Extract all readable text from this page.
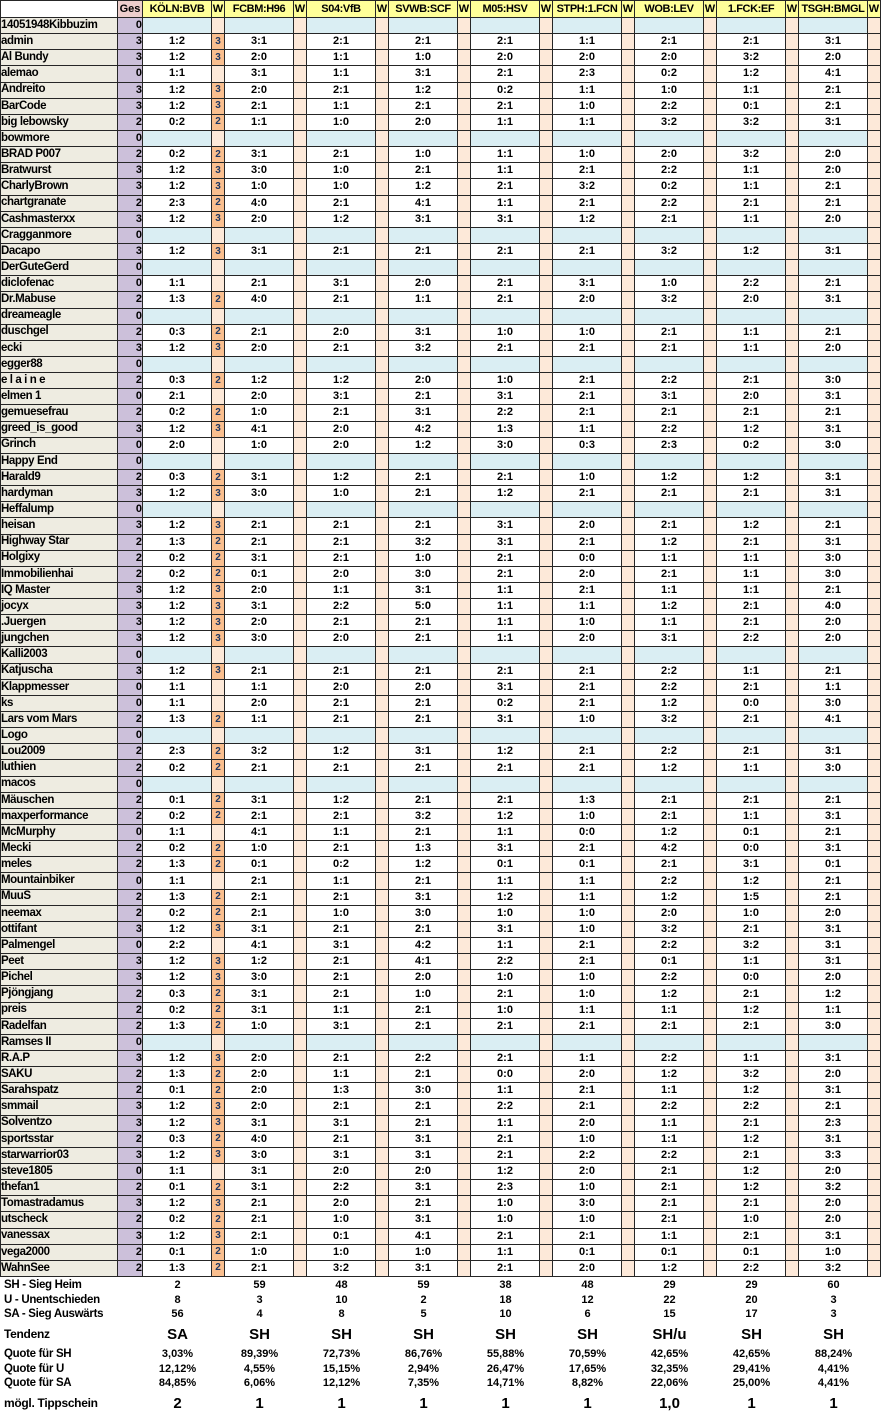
	Ges	KÖLN:BVB	W	FCBM:H96	W	S04:VfB	W	SVWB:SCF	W	M05:HSV	W	STPH:1.FCN	W	WOB:LEV	W	1.FCK:EF	W	TSGH:BMGL	W
14051948Kibbuzim	0																		
admin	3	1:2	3	3:1		2:1		2:1		2:1		1:1		2:1		2:1		3:1	
Al Bundy	3	1:2	3	2:0		1:1		1:0		2:0		2:0		2:0		3:2		2:0	
alemao	0	1:1		3:1		1:1		3:1		2:1		2:3		0:2		1:2		4:1	
Andreito	3	1:2	3	2:0		2:1		1:2		0:2		1:1		1:0		1:1		2:1	
BarCode	3	1:2	3	2:1		1:1		2:1		2:1		1:0		2:2		0:1		2:1	
big lebowsky	2	0:2	2	1:1		1:0		2:0		1:1		1:1		3:2		3:2		3:1	
bowmore	0																		
BRAD P007	2	0:2	2	3:1		2:1		1:0		1:1		1:0		2:0		3:2		2:0	
Bratwurst	3	1:2	3	3:0		1:0		2:1		1:1		2:1		2:2		1:1		2:0	
CharlyBrown	3	1:2	3	1:0		1:0		1:2		2:1		3:2		0:2		1:1		2:1	
chartgranate	2	2:3	2	4:0		2:1		4:1		1:1		2:1		2:2		2:1		2:1	
Cashmasterxx	3	1:2	3	2:0		1:2		3:1		3:1		1:2		2:1		1:1		2:0	
Cragganmore	0																		
Dacapo	3	1:2	3	3:1		2:1		2:1		2:1		2:1		3:2		1:2		3:1	
DerGuteGerd	0																		
diclofenac	0	1:1		2:1		3:1		2:0		2:1		3:1		1:0		2:2		2:1	
Dr.Mabuse	2	1:3	2	4:0		2:1		1:1		2:1		2:0		3:2		2:0		3:1	
dreameagle	0																		
duschgel	2	0:3	2	2:1		2:0		3:1		1:0		1:0		2:1		1:1		2:1	
ecki	3	1:2	3	2:0		2:1		3:2		2:1		2:1		2:1		1:1		2:0	
egger88	0																		
e l a i n e	2	0:3	2	1:2		1:2		2:0		1:0		2:1		2:2		2:1		3:0	
elmen 1	0	2:1		2:0		3:1		2:1		3:1		2:1		3:1		2:0		3:1	
gemuesefrau	2	0:2	2	1:0		2:1		3:1		2:2		2:1		2:1		2:1		2:1	
greed_is_good	3	1:2	3	4:1		2:0		4:2		1:3		1:1		2:2		1:2		3:1	
Grinch	0	2:0		1:0		2:0		1:2		3:0		0:3		2:3		0:2		3:0	
Happy End	0																		
Harald9	2	0:3	2	3:1		1:2		2:1		2:1		1:0		1:2		1:2		3:1	
hardyman	3	1:2	3	3:0		1:0		2:1		1:2		2:1		2:1		2:1		3:1	
Heffalump	0																		
heisan	3	1:2	3	2:1		2:1		2:1		3:1		2:0		2:1		1:2		2:1	
Highway Star	2	1:3	2	2:1		2:1		3:2		3:1		2:1		1:2		2:1		3:1	
Holgixy	2	0:2	2	3:1		2:1		1:0		2:1		0:0		1:1		1:1		3:0	
Immobilienhai	2	0:2	2	0:1		2:0		3:0		2:1		2:0		2:1		1:1		3:0	
IQ Master	3	1:2	3	2:0		1:1		3:1		1:1		2:1		1:1		1:1		2:1	
jocyx	3	1:2	3	3:1		2:2		5:0		1:1		1:1		1:2		2:1		4:0	
.Juergen	3	1:2	3	2:0		2:1		2:1		1:1		1:0		1:1		2:1		2:0	
jungchen	3	1:2	3	3:0		2:0		2:1		1:1		2:0		3:1		2:2		2:0	
Kalli2003	0																		
Katjuscha	3	1:2	3	2:1		2:1		2:1		2:1		2:1		2:2		1:1		2:1	
Klappmesser	0	1:1		1:1		2:0		2:0		3:1		2:1		2:2		2:1		1:1	
ks	0	1:1		2:0		2:1		2:1		0:2		2:1		1:2		0:0		3:0	
Lars vom Mars	2	1:3	2	1:1		2:1		2:1		3:1		1:0		3:2		2:1		4:1	
Logo	0																		
Lou2009	2	2:3	2	3:2		1:2		3:1		1:2		2:1		2:2		2:1		3:1	
luthien	2	0:2	2	2:1		2:1		2:1		2:1		2:1		1:2		1:1		3:0	
macos	0																		
Mäuschen	2	0:1	2	3:1		1:2		2:1		2:1		1:3		2:1		2:1		2:1	
maxperformance	2	0:2	2	2:1		2:1		3:2		1:2		1:0		2:1		1:1		3:1	
McMurphy	0	1:1		4:1		1:1		2:1		1:1		0:0		1:2		0:1		2:1	
Mecki	2	0:2	2	1:0		2:1		1:3		3:1		2:1		4:2		0:0		3:1	
meles	2	1:3	2	0:1		0:2		1:2		0:1		0:1		2:1		3:1		0:1	
Mountainbiker	0	1:1		2:1		1:1		2:1		1:1		1:1		2:2		1:2		2:1	
MuuS	2	1:3	2	2:1		2:1		3:1		1:2		1:1		1:2		1:5		2:1	
neemax	2	0:2	2	2:1		1:0		3:0		1:0		1:0		2:0		1:0		2:0	
ottifant	3	1:2	3	3:1		2:1		2:1		3:1		1:0		3:2		2:1		3:1	
Palmengel	0	2:2		4:1		3:1		4:2		1:1		2:1		2:2		3:2		3:1	
Peet	3	1:2	3	1:2		2:1		4:1		2:2		2:1		0:1		1:1		3:1	
Pichel	3	1:2	3	3:0		2:1		2:0		1:0		1:0		2:2		0:0		2:0	
Pjöngjang	2	0:3	2	3:1		2:1		1:0		2:1		1:0		1:2		2:1		1:2	
preis	2	0:2	2	3:1		1:1		2:1		1:0		1:1		1:1		1:2		1:1	
Radelfan	2	1:3	2	1:0		3:1		2:1		2:1		2:1		2:1		2:1		3:0	
Ramses II	0																		
R.A.P	3	1:2	3	2:0		2:1		2:2		2:1		1:1		2:2		1:1		3:1	
SAKU	2	1:3	2	2:0		1:1		2:1		0:0		2:0		1:2		3:2		2:0	
Sarahspatz	2	0:1	2	2:0		1:3		3:0		1:1		2:1		1:1		1:2		3:1	
smmail	3	1:2	3	2:0		2:1		2:1		2:2		2:1		2:2		2:2		2:1	
Solventzo	3	1:2	3	3:1		3:1		2:1		1:1		2:0		1:1		2:1		2:3	
sportsstar	2	0:3	2	4:0		2:1		3:1		2:1		1:0		1:1		1:2		3:1	
starwarrior03	3	1:2	3	3:0		3:1		3:1		2:1		2:2		2:2		2:1		3:3	
steve1805	0	1:1		3:1		2:0		2:0		1:2		2:0		2:1		1:2		2:0	
thefan1	2	0:1	2	3:1		2:2		3:1		2:3		1:0		2:1		1:2		3:2	
Tomastradamus	3	1:2	3	2:1		2:0		2:1		1:0		3:0		2:1		2:1		2:0	
utscheck	2	0:2	2	2:1		1:0		3:1		1:0		1:0		2:1		1:0		2:0	
vanessax	3	1:2	3	2:1		0:1		4:1		2:1		2:1		1:1		2:1		3:1	
vega2000	2	0:1	2	1:0		1:0		1:0		1:1		0:1		0:1		0:1		1:0	
WahnSee	2	1:3	2	2:1		3:2		3:1		2:1		2:0		1:2		2:2		3:2	
SH - Sieg Heim	2	59	48	59	38	48	29	29	60
U - Unentschieden	8	3	10	2	18	12	22	20	3
SA - Sieg Auswärts	56	4	8	5	10	6	15	17	3
Tendenz	SA	SH	SH	SH	SH	SH	SH/u	SH	SH
Quote für SH	3,03%	89,39%	72,73%	86,76%	55,88%	70,59%	42,65%	42,65%	88,24%
Quote für U	12,12%	4,55%	15,15%	2,94%	26,47%	17,65%	32,35%	29,41%	4,41%
Quote für SA	84,85%	6,06%	12,12%	7,35%	14,71%	8,82%	22,06%	25,00%	4,41%
mögl. Tippschein	2	1	1	1	1	1	1,0	1	1
